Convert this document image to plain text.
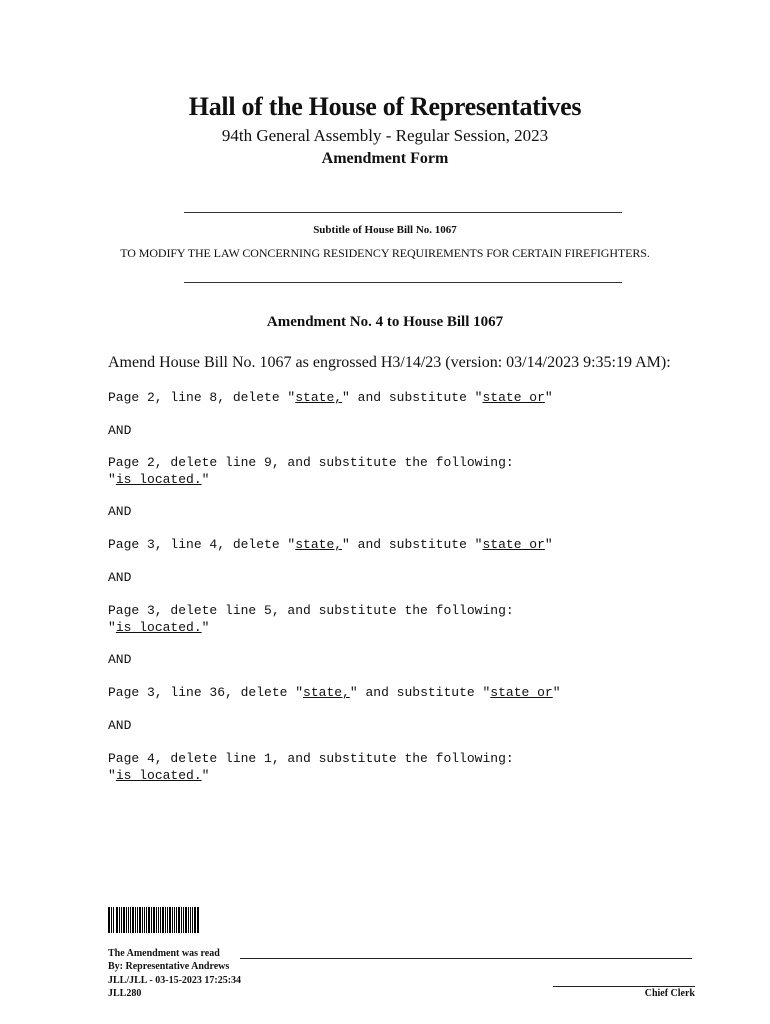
Hall of the House of Representatives
94th General Assembly - Regular Session, 2023
Amendment Form
Subtitle of House Bill No. 1067
TO MODIFY THE LAW CONCERNING RESIDENCY REQUIREMENTS FOR CERTAIN FIREFIGHTERS.
Amendment No. 4 to House Bill 1067
Amend House Bill No. 1067 as engrossed H3/14/23 (version: 03/14/2023 9:35:19 AM):
Page 2, line 8, delete "state," and substitute "state or"
AND
Page 2, delete line 9, and substitute the following:
"is located."
AND
Page 3, line 4, delete "state," and substitute "state or"
AND
Page 3, delete line 5, and substitute the following:
"is located."
AND
Page 3, line 36, delete "state," and substitute "state or"
AND
Page 4, delete line 1, and substitute the following:
"is located."
The Amendment was read
By: Representative Andrews
JLL/JLL - 03-15-2023 17:25:34
JLL280	Chief Clerk
